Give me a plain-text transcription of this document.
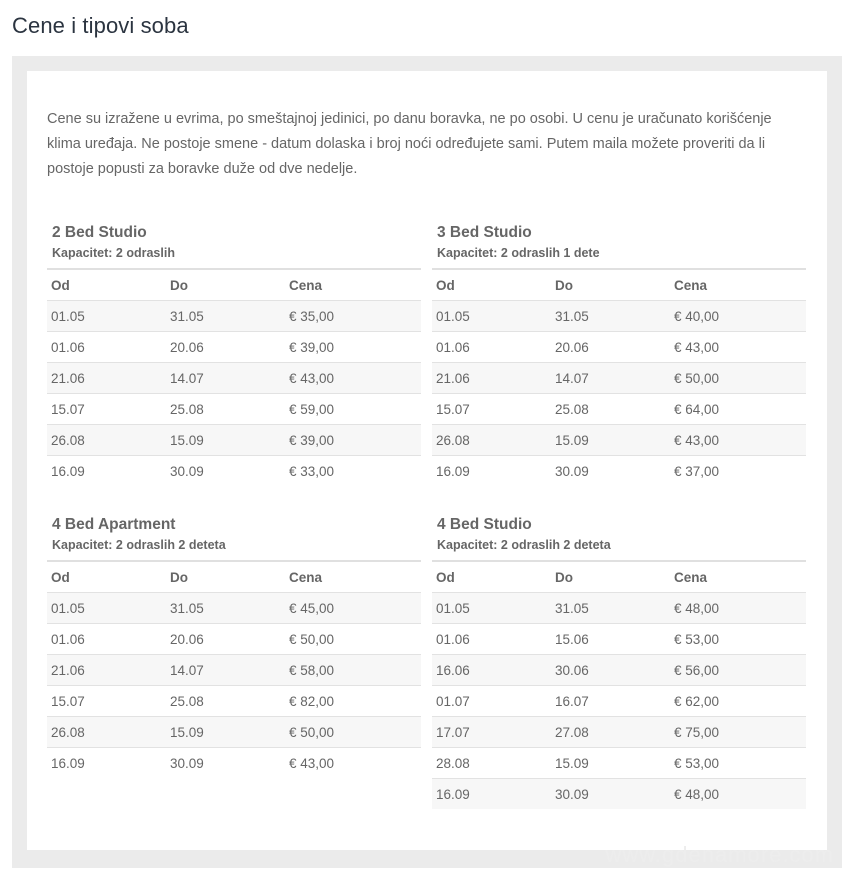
Cene i tipovi soba

Cene su izražene u evrima, po smeštajnoj jedinici, po danu boravka, ne po osobi. U cenu je uračunato korišćenje klima uređaja. Ne postoje smene - datum dolaska i broj noći određujete sami. Putem maila možete proveriti da li postoje popusti za boravke duže od dve nedelje.

2 Bed Studio
Kapacitet: 2 odraslih
Od	Do	Cena
01.05	31.05	€ 35,00
01.06	20.06	€ 39,00
21.06	14.07	€ 43,00
15.07	25.08	€ 59,00
26.08	15.09	€ 39,00
16.09	30.09	€ 33,00
3 Bed Studio
Kapacitet: 2 odraslih 1 dete
Od	Do	Cena
01.05	31.05	€ 40,00
01.06	20.06	€ 43,00
21.06	14.07	€ 50,00
15.07	25.08	€ 64,00
26.08	15.09	€ 43,00
16.09	30.09	€ 37,00
4 Bed Apartment
Kapacitet: 2 odraslih 2 deteta
Od	Do	Cena
01.05	31.05	€ 45,00
01.06	20.06	€ 50,00
21.06	14.07	€ 58,00
15.07	25.08	€ 82,00
26.08	15.09	€ 50,00
16.09	30.09	€ 43,00
4 Bed Studio
Kapacitet: 2 odraslih 2 deteta
Od	Do	Cena
01.05	31.05	€ 48,00
01.06	15.06	€ 53,00
16.06	30.06	€ 56,00
01.07	16.07	€ 62,00
17.07	27.08	€ 75,00
28.08	15.09	€ 53,00
16.09	30.09	€ 48,00
www.gdenamore.com
